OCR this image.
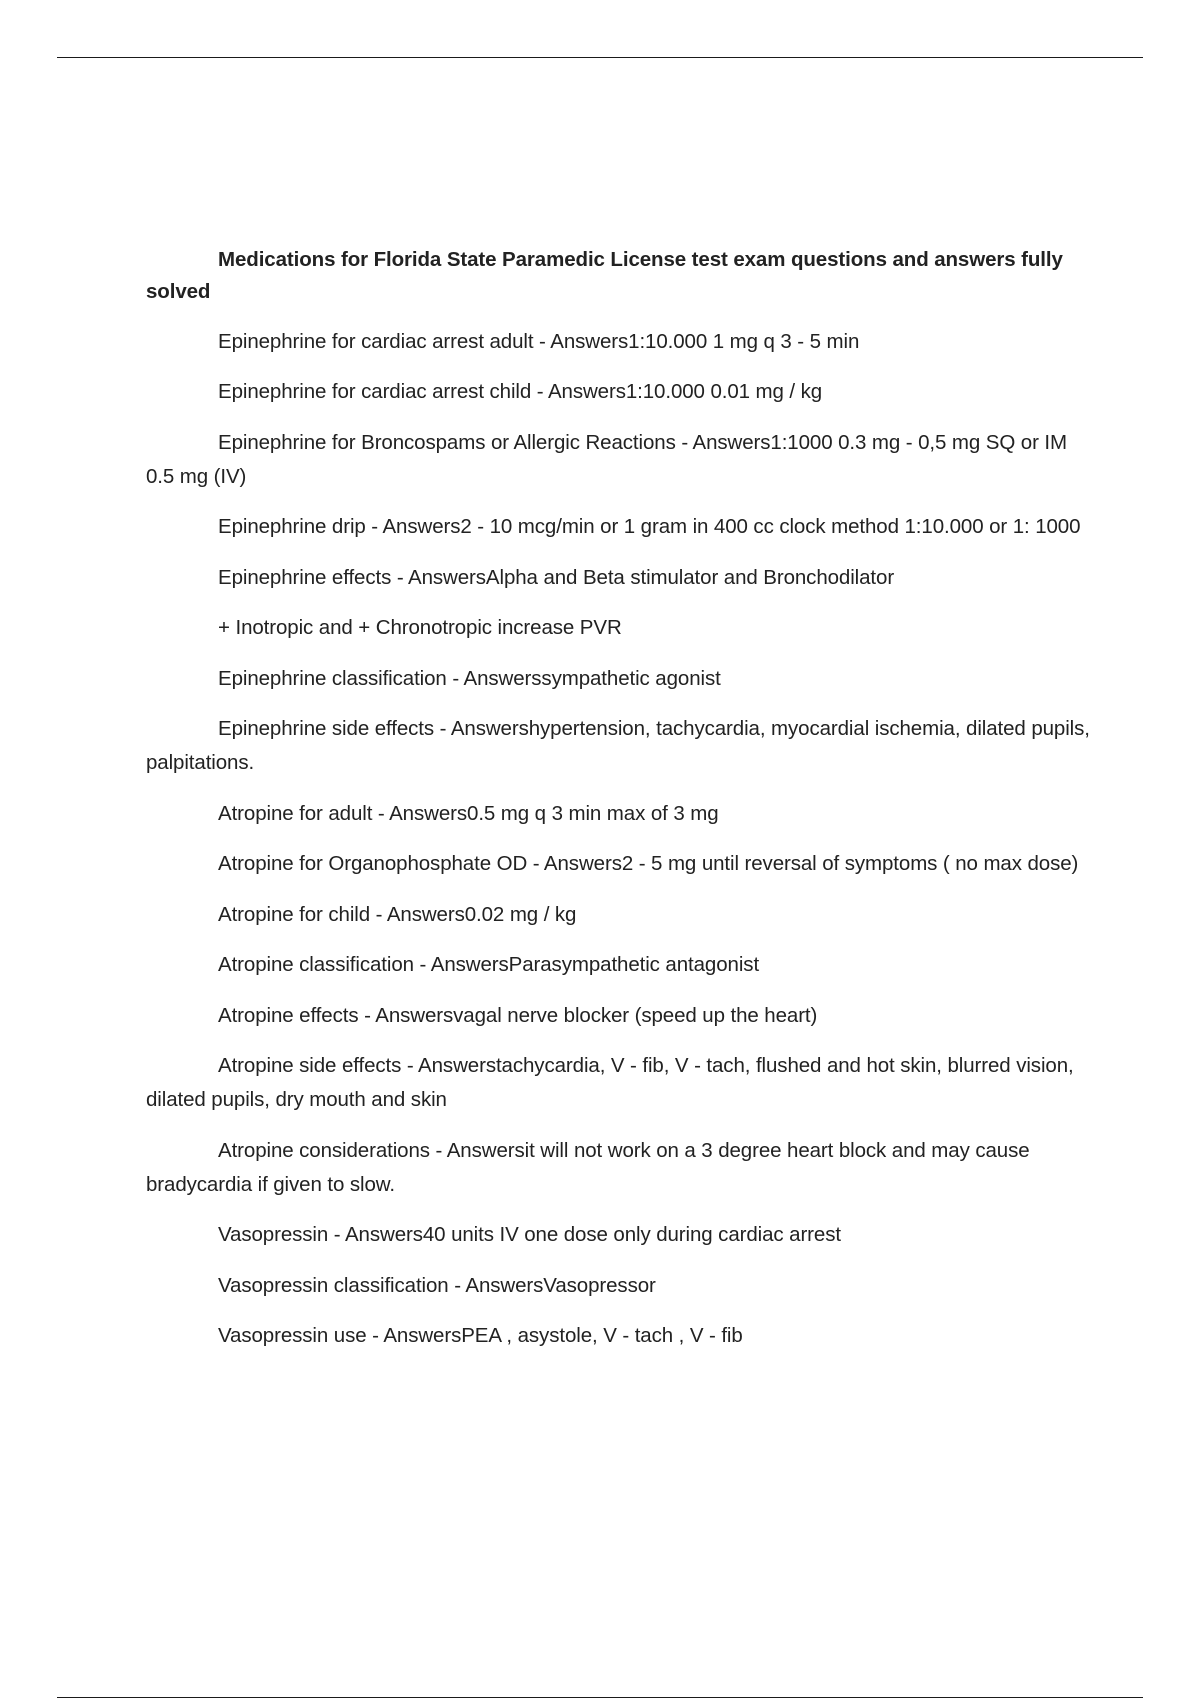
Medications for Florida State Paramedic License test exam questions and answers fully solved

Epinephrine for cardiac arrest adult - Answers1:10.000 1 mg q 3 - 5 min

Epinephrine for cardiac arrest child - Answers1:10.000 0.01 mg / kg

Epinephrine for Broncospams or Allergic Reactions - Answers1:1000 0.3 mg - 0,5 mg SQ or IM 0.5 mg (IV)

Epinephrine drip - Answers2 - 10 mcg/min or 1 gram in 400 cc clock method 1:10.000 or 1: 1000

Epinephrine effects - AnswersAlpha and Beta stimulator and Bronchodilator

+ Inotropic and + Chronotropic increase PVR

Epinephrine classification - Answerssympathetic agonist

Epinephrine side effects - Answershypertension, tachycardia, myocardial ischemia, dilated pupils, palpitations.

Atropine for adult - Answers0.5 mg q 3 min max of 3 mg

Atropine for Organophosphate OD - Answers2 - 5 mg until reversal of symptoms ( no max dose)

Atropine for child - Answers0.02 mg / kg

Atropine classification - AnswersParasympathetic antagonist

Atropine effects - Answersvagal nerve blocker (speed up the heart)

Atropine side effects - Answerstachycardia, V - fib, V - tach, flushed and hot skin, blurred vision, dilated pupils, dry mouth and skin

Atropine considerations - Answersit will not work on a 3 degree heart block and may cause bradycardia if given to slow.

Vasopressin - Answers40 units IV one dose only during cardiac arrest

Vasopressin classification - AnswersVasopressor

Vasopressin use - AnswersPEA , asystole, V - tach , V - fib
